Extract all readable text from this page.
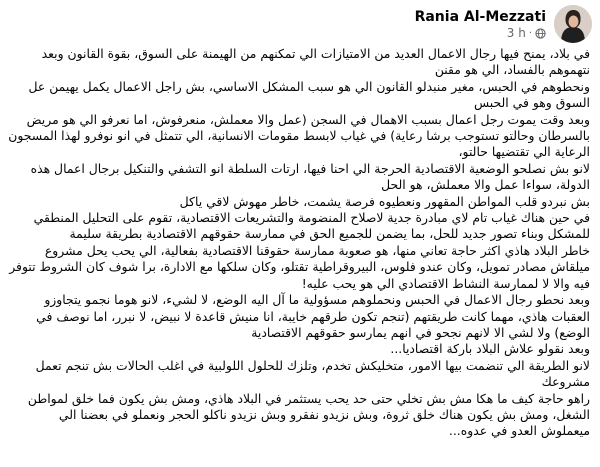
Rania Al-Mezzati
3 h ·

في بلاد، يمنح فيها رجال الاعمال العديد من الامتيازات الي تمكنهم من الهيمنة على السوق، بقوة القانون وبعد نتهموهم بالفساد، الي هو مقنن

ونحطوهم في الحبس، مغير منبدلو القانون الي هو سبب المشكل الاساسي، بش راجل الاعمال يكمل يهيمن عل السوق وهو في الحبس

وبعد وقت يموت رجل اعمال بسبب الاهمال في السجن (عمل والا معملش، منعرفوش، اما نعرفو الي هو مريض بالسرطان وحالتو تستوجب برشا رعاية) في غياب لابسط مقومات الانسانية، الي تتمثل في انو نوفرو لهذا المسجون الرعاية الي تقتضيها حالتو،

لانو بش نصلحو الوضعية الاقتصادية الحرجة الي احنا فيها، ارتات السلطة انو التشفي والتنكيل برجال اعمال هذه الدولة، سواءا عمل والا معملش، هو الحل

بش نبردو قلب المواطن المقهور ونعطيوه فرصة يشمت، خاطر مهوش لاقي ياكل

في حين هناك غياب تام لاي مبادرة جدية لاصلاح المنضومة والتشريعات الاقتصادية، تقوم على التحليل المنطقي للمشكل وبناء تصور جديد للحل، بما يضمن للجميع الحق في ممارسة حقوقهم الاقتصادية بطريقة سليمة

خاطر البلاد هاذي اكثر حاجة تعاني منها، هو صعوبة ممارسة حقوقنا الاقتصادية بفعالية، الي يحب يحل مشروع ميلقاش مصادر تمويل، وكان عندو فلوس، البيروقراطية تقتلو، وكان سلكها مع الادارة، برا شوف كان الشروط تتوفر فيه والا لا لممارسة النشاط الاقتصادي الي هو يحب عليه!

وبعد نحطو رجال الاعمال في الحبس ونحملوهم مسؤولية ما آل اليه الوضع، لا لشيء، لانو هوما نجمو يتجاوزو العقبات هاذي، مهما كانت طريقتهم (تنجم تكون طرقهم خايبة، انا منيش قاعدة لا نبيض، لا نبرر، اما نوصف في الوضع) ولا لشي الا لانهم نجحو في انهم يمارسو حقوقهم الاقتصادية

وبعد نقولو علاش البلاد باركة اقتصاديا...

لانو الطريقة الي تنضمت بيها الامور، متخليكش تخدم، وتلزك للحلول اللولبية في اغلب الحالات بش تنجم تعمل مشروعك

راهو حاجة كيف ما هكا مش بش تخلي حتى حد يحب يستثمر في البلاد هاذي، ومش بش يكون فما خلق لمواطن الشغل، ومش بش يكون هناك خلق ثروة، وبش نزيدو نفقرو وبش نزيدو ناكلو الحجر ونعملو في بعضنا الي ميعملوش العدو في عدوه...
